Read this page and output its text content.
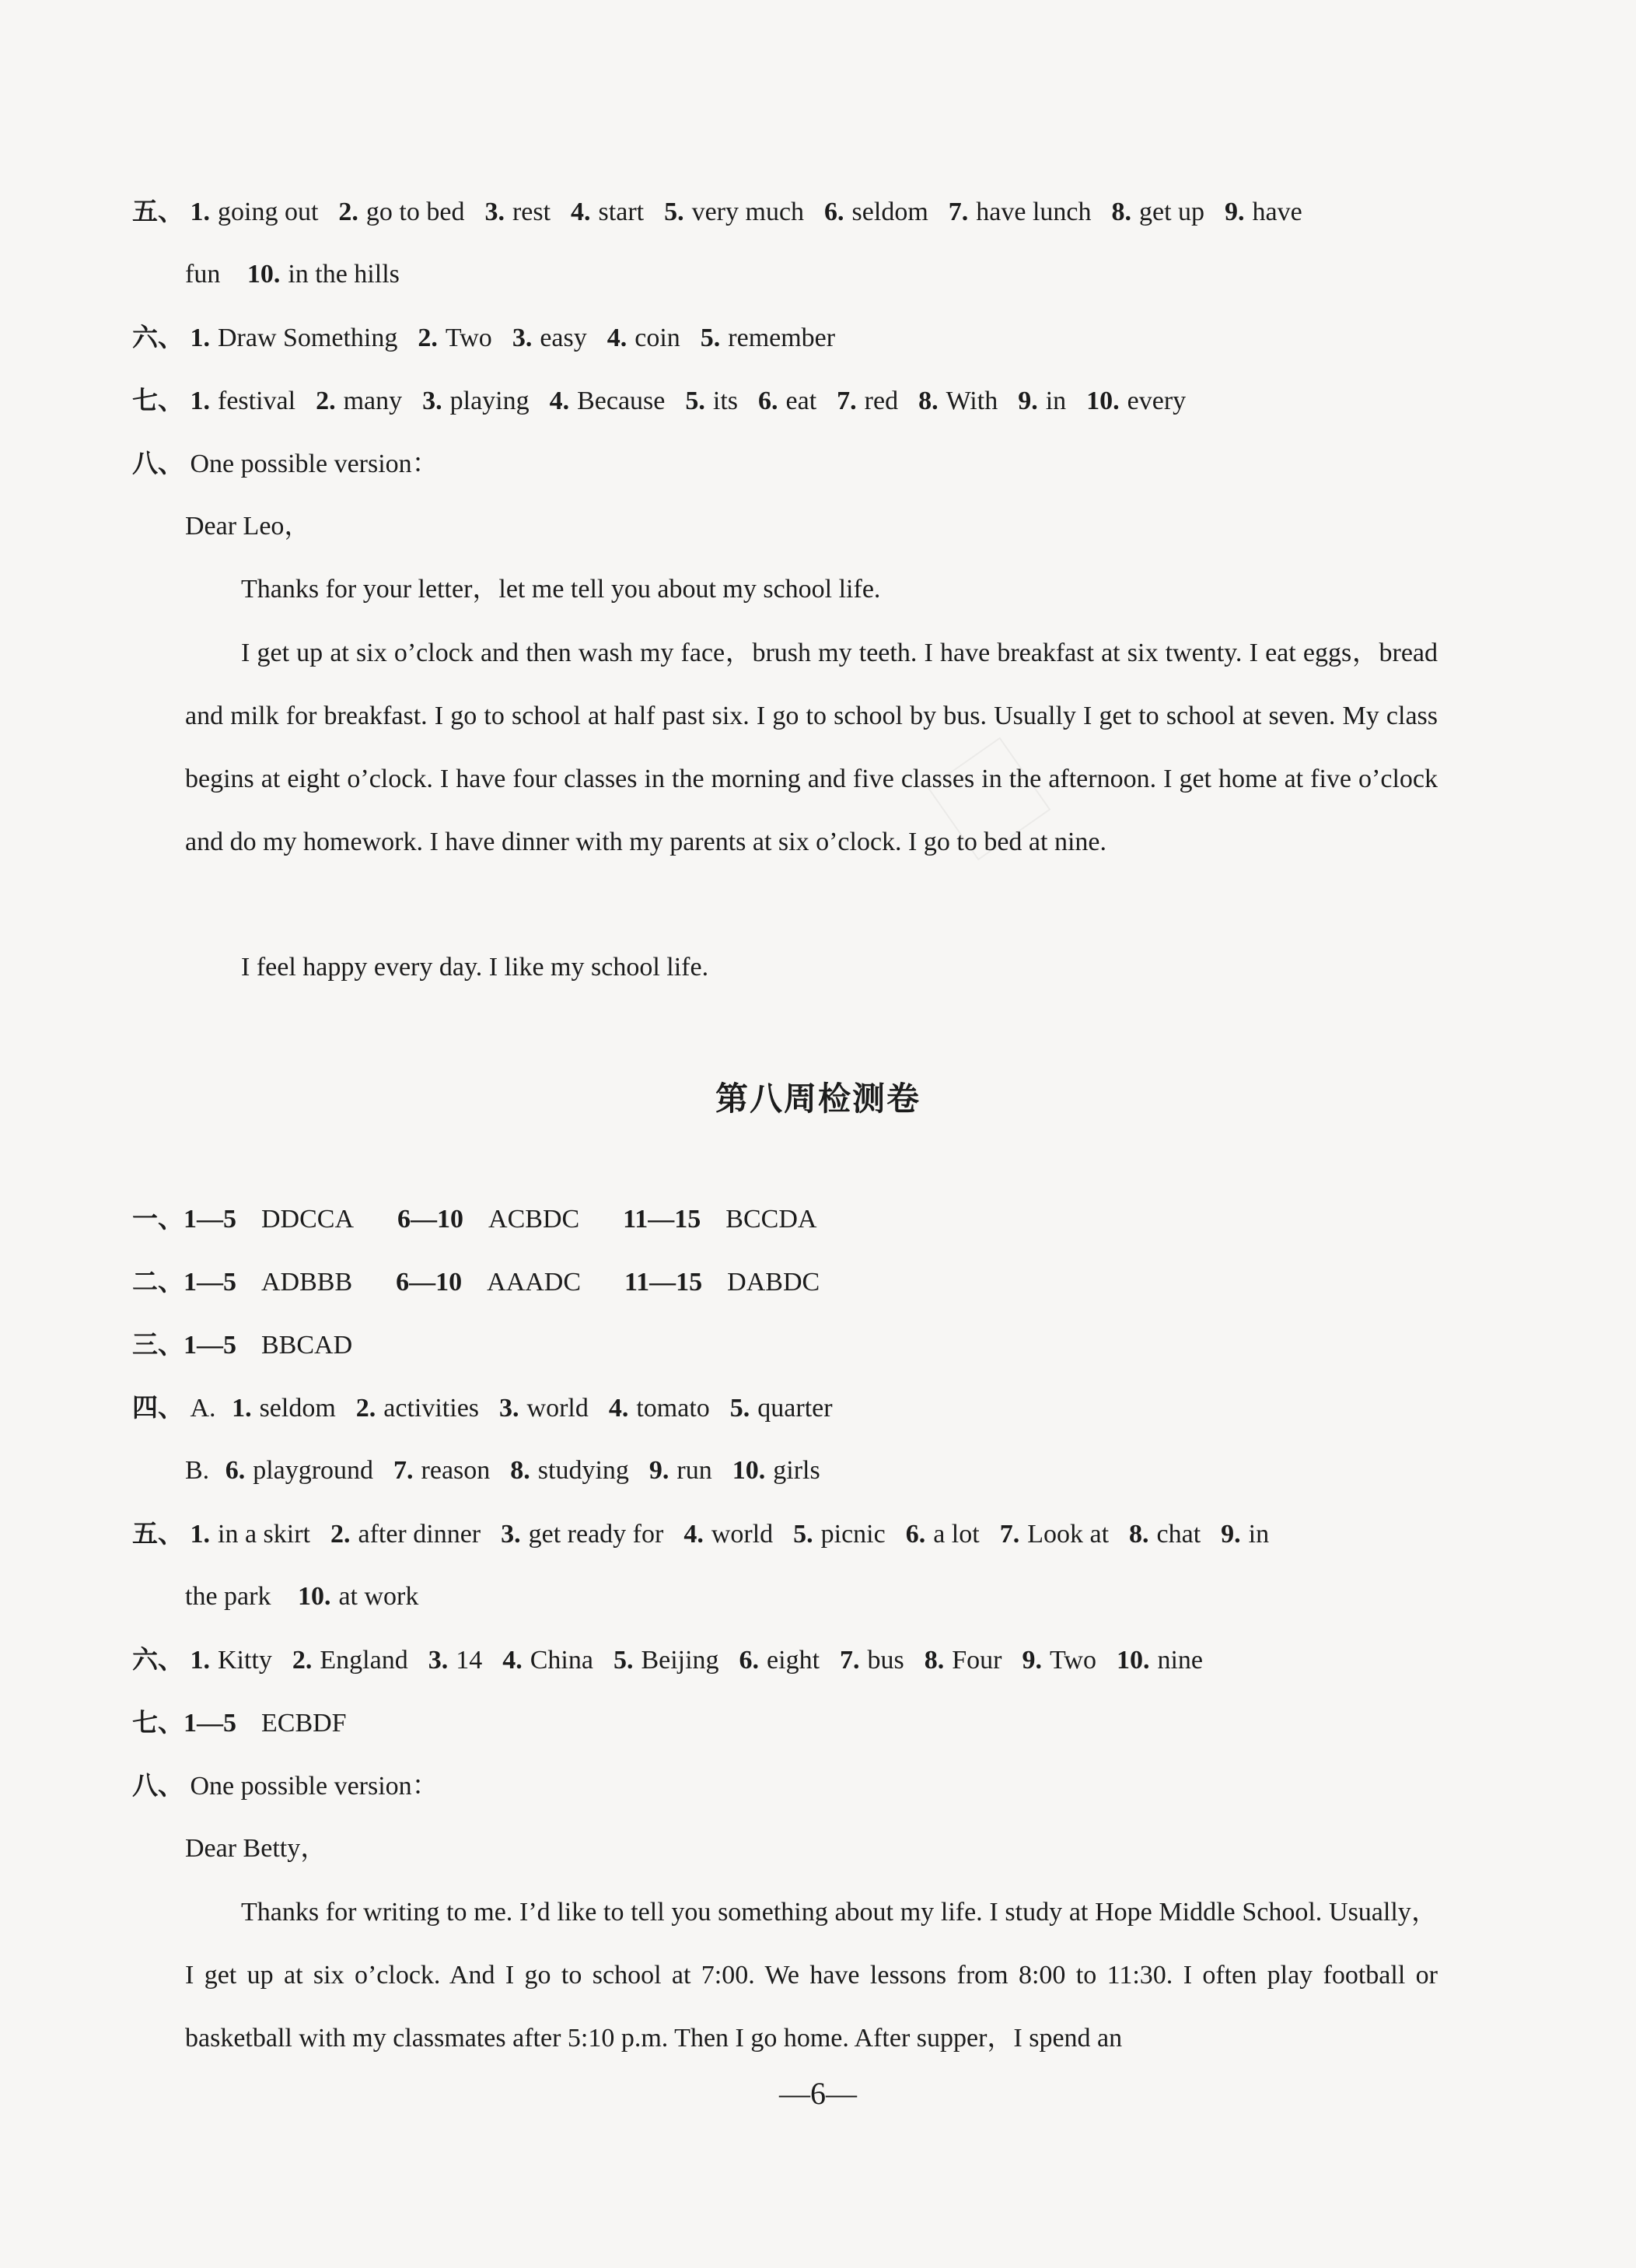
五、 1. going out 2. go to bed 3. rest 4. start 5. very much 6. seldom 7. have lunch 8. get up 9. have
fun 10. in the hills
六、 1. Draw Something 2. Two 3. easy 4. coin 5. remember
七、 1. festival 2. many 3. playing 4. Because 5. its 6. eat 7. red 8. With 9. in 10. every
八、 One possible version：
Dear Leo，
Thanks for your letter，let me tell you about my school life.
I get up at six o’clock and then wash my face，brush my teeth. I have breakfast at six twenty. I eat eggs，bread and milk for breakfast. I go to school at half past six. I go to school by bus. Usually I get to school at seven. My class begins at eight o’clock. I have four classes in the morning and five classes in the afternoon. I get home at five o’clock and do my homework. I have dinner with my parents at six o’clock. I go to bed at nine.
I feel happy every day. I like my school life.
第八周检测卷
一、1—5 DDCCA 6—10 ACBDC 11—15 BCCDA
二、1—5 ADBBB 6—10 AAADC 11—15 DABDC
三、1—5 BBCAD
四、 A. 1. seldom 2. activities 3. world 4. tomato 5. quarter
B. 6. playground 7. reason 8. studying 9. run 10. girls
五、 1. in a skirt 2. after dinner 3. get ready for 4. world 5. picnic 6. a lot 7. Look at 8. chat 9. in
the park 10. at work
六、 1. Kitty 2. England 3. 14 4. China 5. Beijing 6. eight 7. bus 8. Four 9. Two 10. nine
七、1—5 ECBDF
八、 One possible version：
Dear Betty，
Thanks for writing to me. I’d like to tell you something about my life. I study at Hope Middle School. Usually，I get up at six o’clock. And I go to school at 7:00. We have lessons from 8:00 to 11:30. I often play football or basketball with my classmates after 5:10 p.m. Then I go home. After supper，I spend an
—6—
